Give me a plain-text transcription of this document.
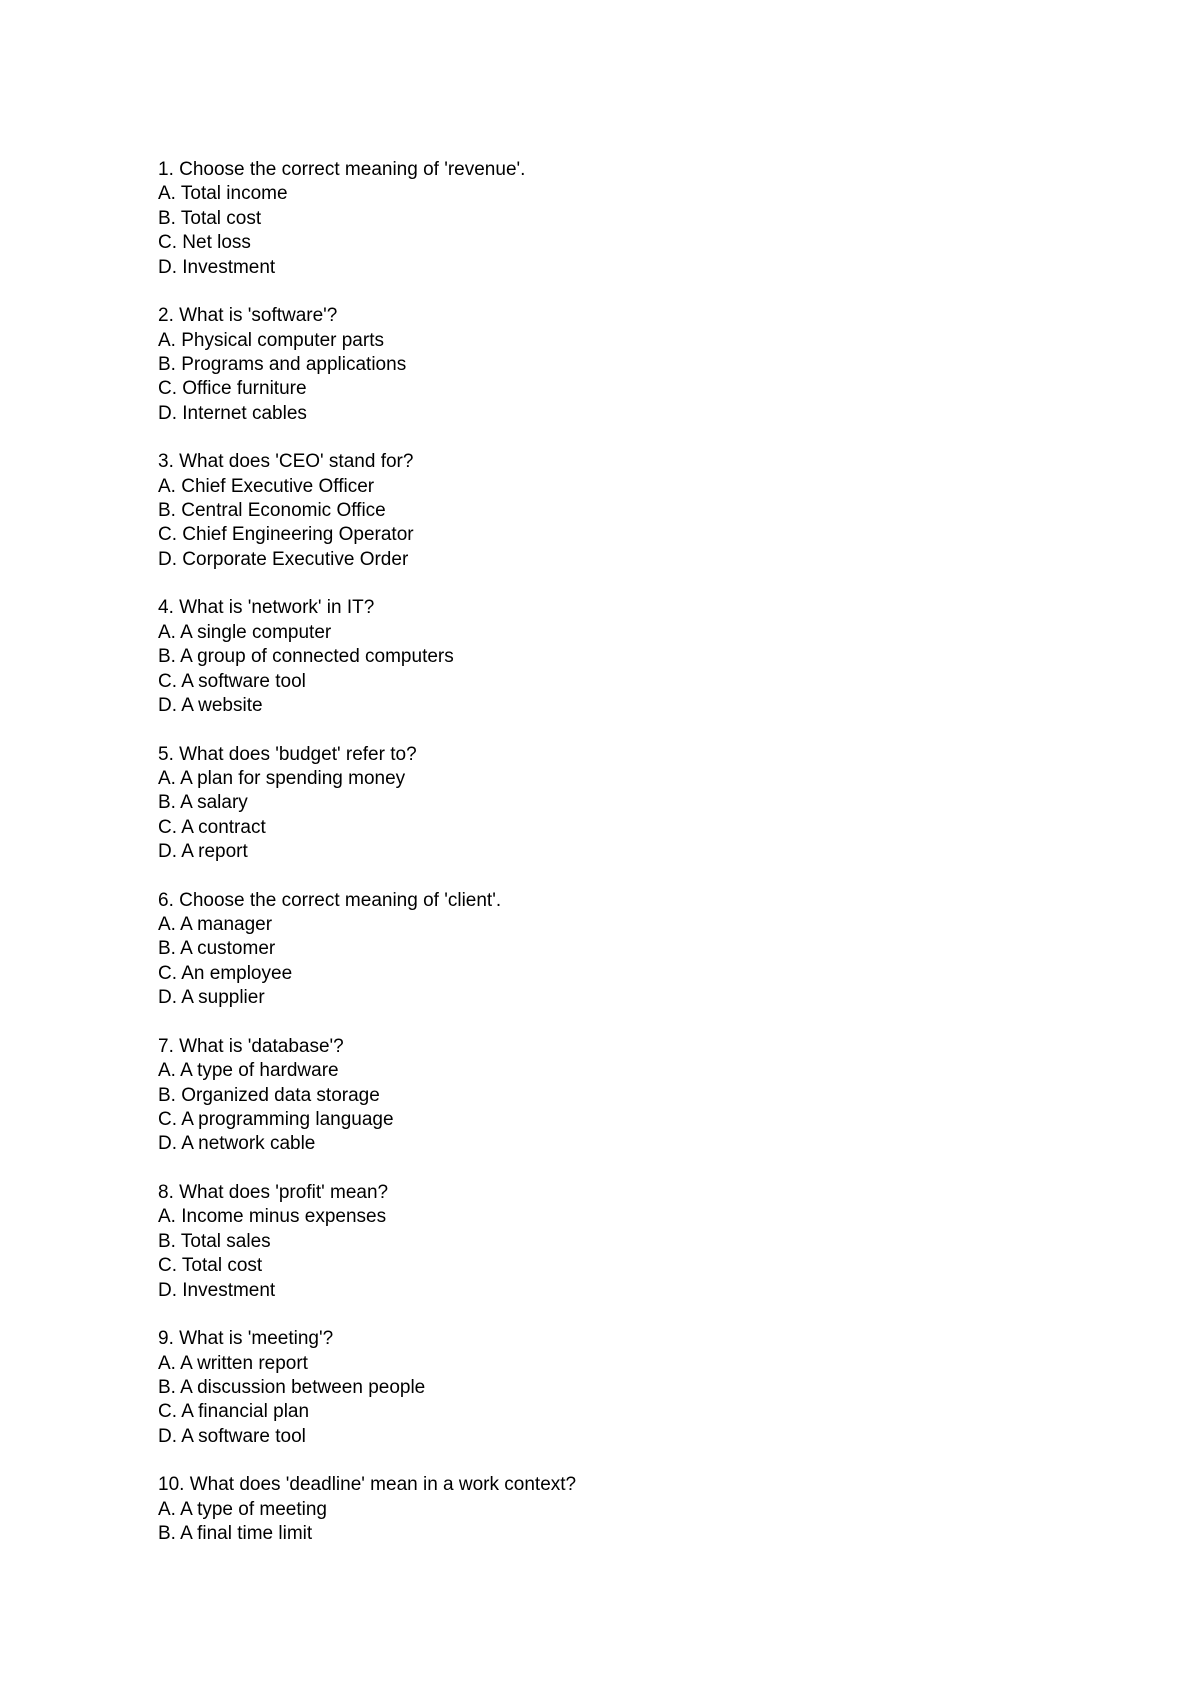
1. Choose the correct meaning of 'revenue'.
A. Total income
B. Total cost
C. Net loss
D. Investment
2. What is 'software'?
A. Physical computer parts
B. Programs and applications
C. Office furniture
D. Internet cables
3. What does 'CEO' stand for?
A. Chief Executive Officer
B. Central Economic Office
C. Chief Engineering Operator
D. Corporate Executive Order
4. What is 'network' in IT?
A. A single computer
B. A group of connected computers
C. A software tool
D. A website
5. What does 'budget' refer to?
A. A plan for spending money
B. A salary
C. A contract
D. A report
6. Choose the correct meaning of 'client'.
A. A manager
B. A customer
C. An employee
D. A supplier
7. What is 'database'?
A. A type of hardware
B. Organized data storage
C. A programming language
D. A network cable
8. What does 'profit' mean?
A. Income minus expenses
B. Total sales
C. Total cost
D. Investment
9. What is 'meeting'?
A. A written report
B. A discussion between people
C. A financial plan
D. A software tool
10. What does 'deadline' mean in a work context?
A. A type of meeting
B. A final time limit
